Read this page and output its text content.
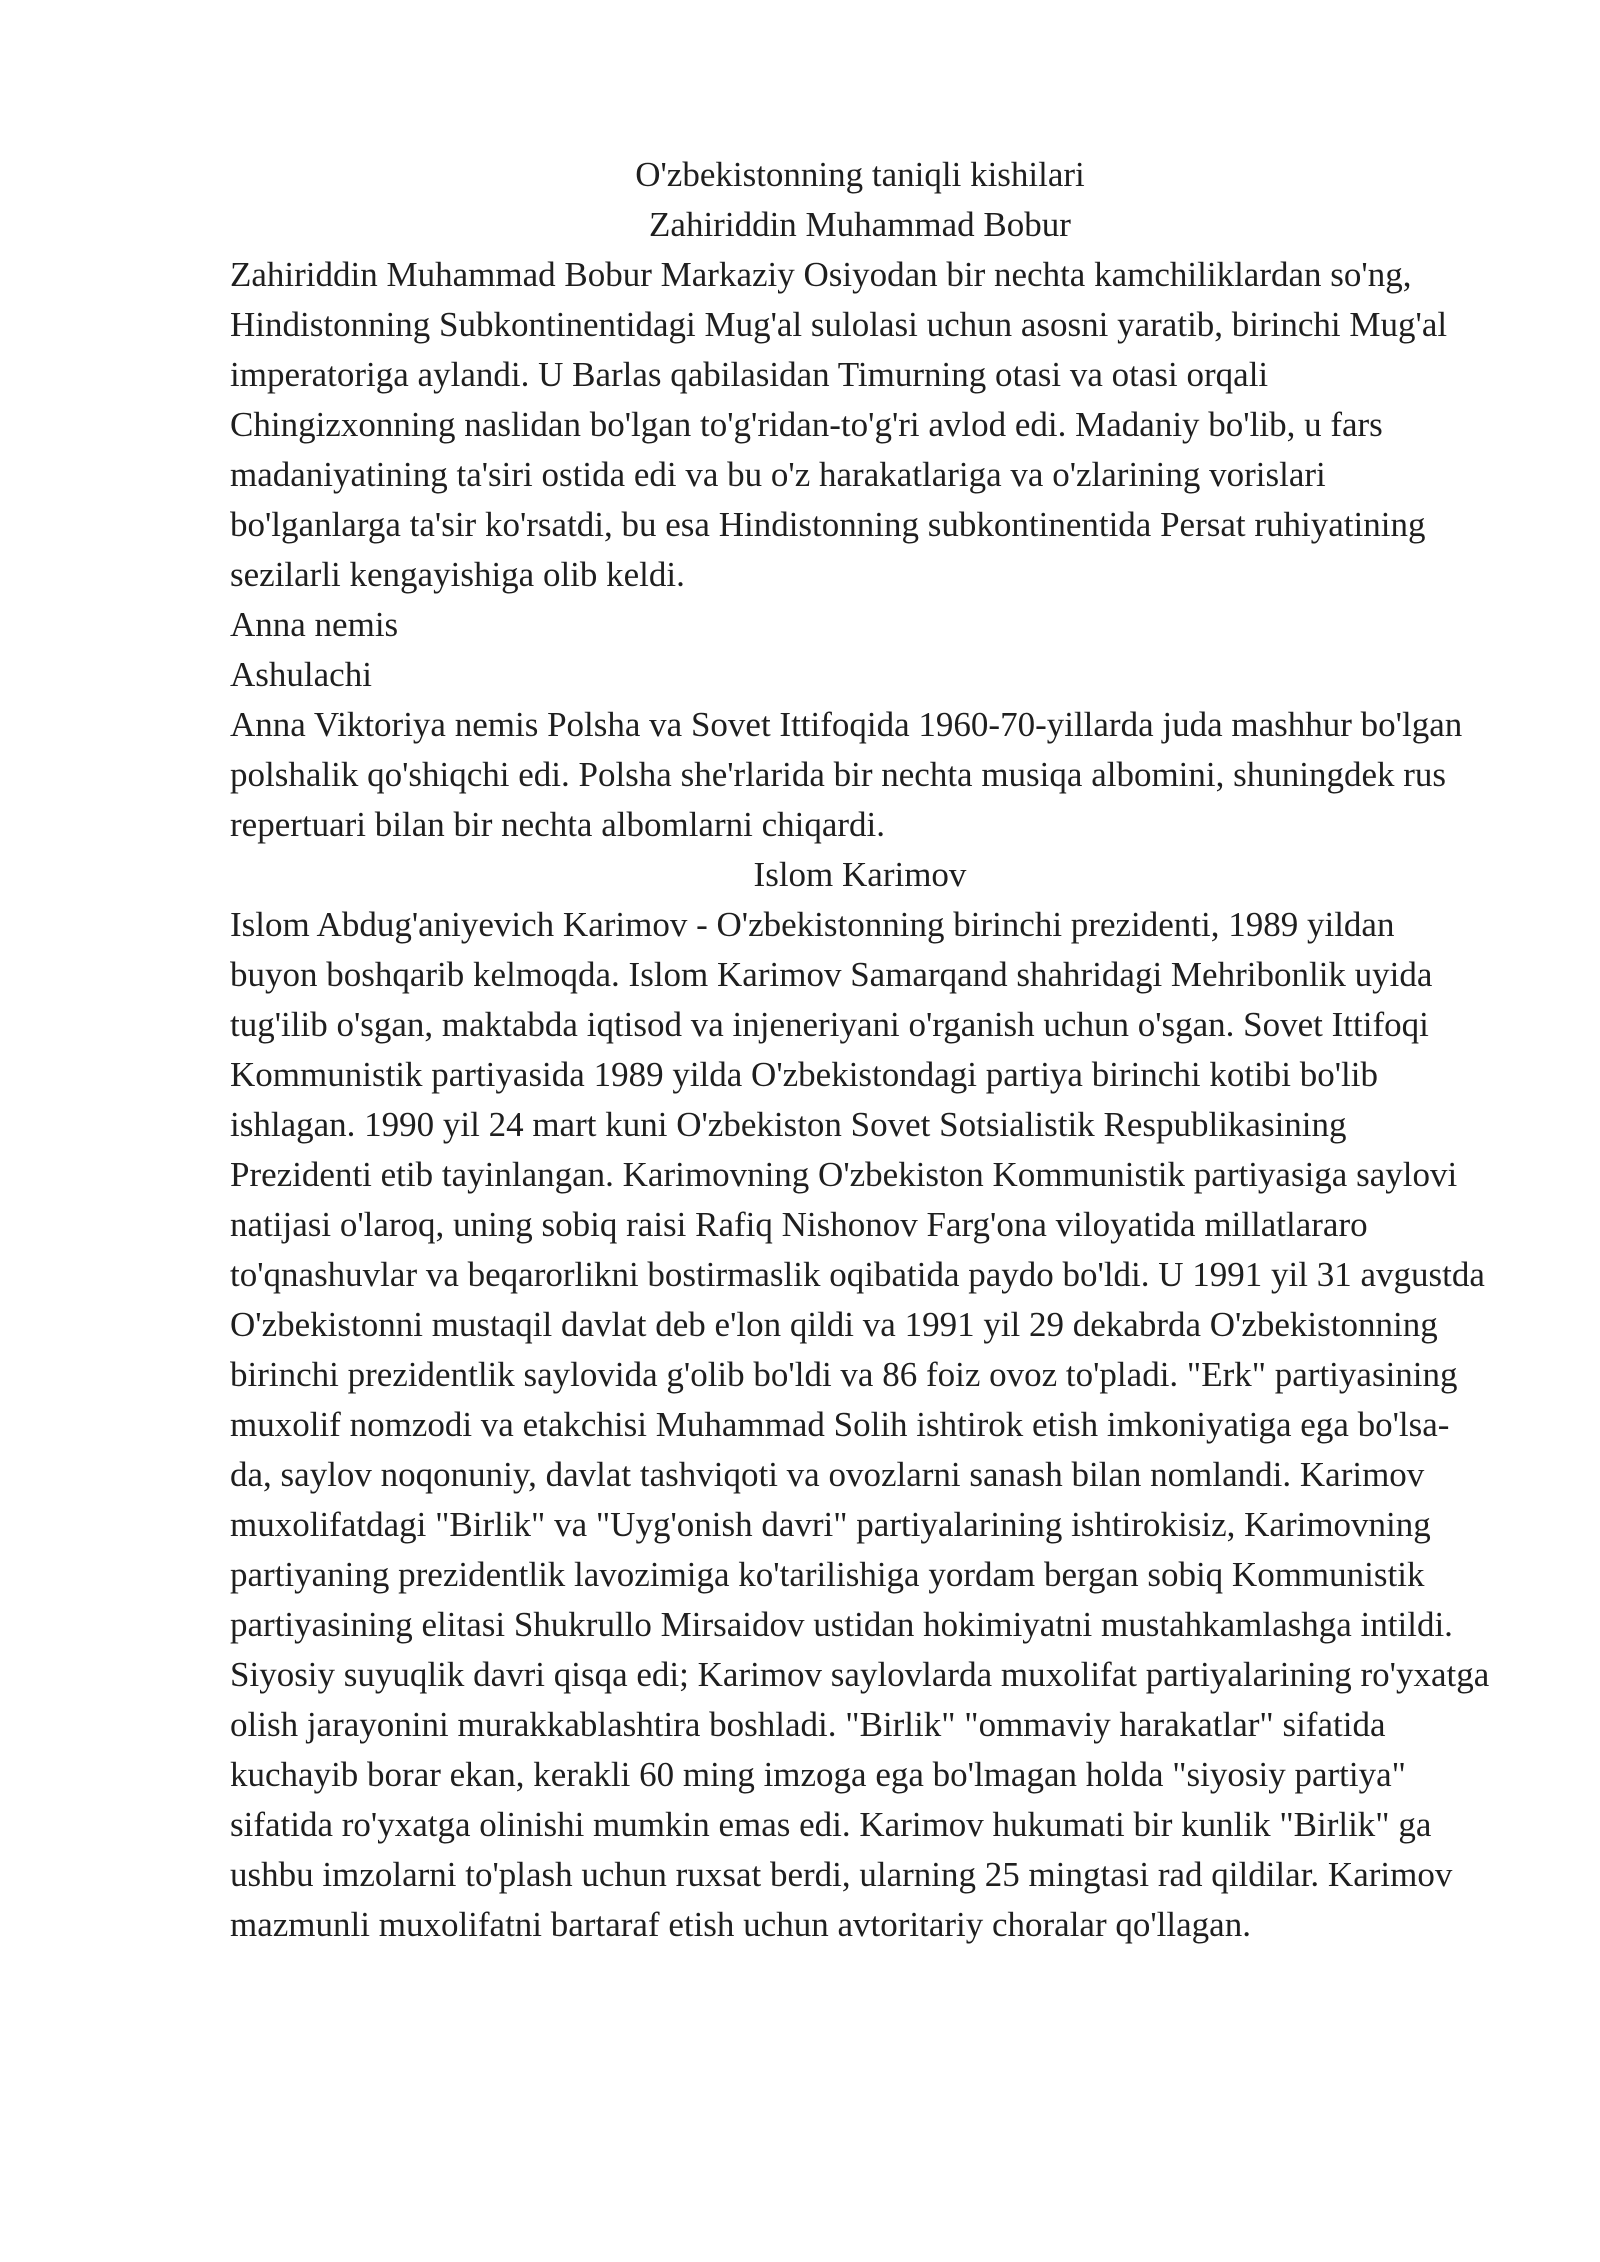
O'zbekistonning taniqli kishilari

Zahiriddin Muhammad Bobur

Zahiriddin Muhammad Bobur Markaziy Osiyodan bir nechta kamchiliklardan so'ng, Hindistonning Subkontinentidagi Mug'al sulolasi uchun asosni yaratib, birinchi Mug'al imperatoriga aylandi. U Barlas qabilasidan Timurning otasi va otasi orqali Chingizxonning naslidan bo'lgan to'g'ridan-to'g'ri avlod edi. Madaniy bo'lib, u fars madaniyatining ta'siri ostida edi va bu o'z harakatlariga va o'zlarining vorislari bo'lganlarga ta'sir ko'rsatdi, bu esa Hindistonning subkontinentida Persat ruhiyatining sezilarli kengayishiga olib keldi.

Anna nemis

Ashulachi

Anna Viktoriya nemis Polsha va Sovet Ittifoqida 1960-70-yillarda juda mashhur bo'lgan polshalik qo'shiqchi edi. Polsha she'rlarida bir nechta musiqa albomini, shuningdek rus repertuari bilan bir nechta albomlarni chiqardi.

Islom Karimov

Islom Abdug'aniyevich Karimov - O'zbekistonning birinchi prezidenti, 1989 yildan buyon boshqarib kelmoqda. Islom Karimov Samarqand shahridagi Mehribonlik uyida tug'ilib o'sgan, maktabda iqtisod va injeneriyani o'rganish uchun o'sgan. Sovet Ittifoqi Kommunistik partiyasida 1989 yilda O'zbekistondagi partiya birinchi kotibi bo'lib ishlagan. 1990 yil 24 mart kuni O'zbekiston Sovet Sotsialistik Respublikasining Prezidenti etib tayinlangan. Karimovning O'zbekiston Kommunistik partiyasiga saylovi natijasi o'laroq, uning sobiq raisi Rafiq Nishonov Farg'ona viloyatida millatlararo to'qnashuvlar va beqarorlikni bostirmaslik oqibatida paydo bo'ldi. U 1991 yil 31 avgustda O'zbekistonni mustaqil davlat deb e'lon qildi va 1991 yil 29 dekabrda O'zbekistonning birinchi prezidentlik saylovida g'olib bo'ldi va 86 foiz ovoz to'pladi. "Erk" partiyasining muxolif nomzodi va etakchisi Muhammad Solih ishtirok etish imkoniyatiga ega bo'lsa-da, saylov noqonuniy, davlat tashviqoti va ovozlarni sanash bilan nomlandi. Karimov muxolifatdagi "Birlik" va "Uyg'onish davri" partiyalarining ishtirokisiz, Karimovning partiyaning prezidentlik lavozimiga ko'tarilishiga yordam bergan sobiq Kommunistik partiyasining elitasi Shukrullo Mirsaidov ustidan hokimiyatni mustahkamlashga intildi. Siyosiy suyuqlik davri qisqa edi; Karimov saylovlarda muxolifat partiyalarining ro'yxatga olish jarayonini murakkablashtira boshladi. "Birlik" "ommaviy harakatlar" sifatida kuchayib borar ekan, kerakli 60 ming imzoga ega bo'lmagan holda "siyosiy partiya" sifatida ro'yxatga olinishi mumkin emas edi. Karimov hukumati bir kunlik "Birlik" ga ushbu imzolarni to'plash uchun ruxsat berdi, ularning 25 mingtasi rad qildilar. Karimov mazmunli muxolifatni bartaraf etish uchun avtoritariy choralar qo'llagan.
